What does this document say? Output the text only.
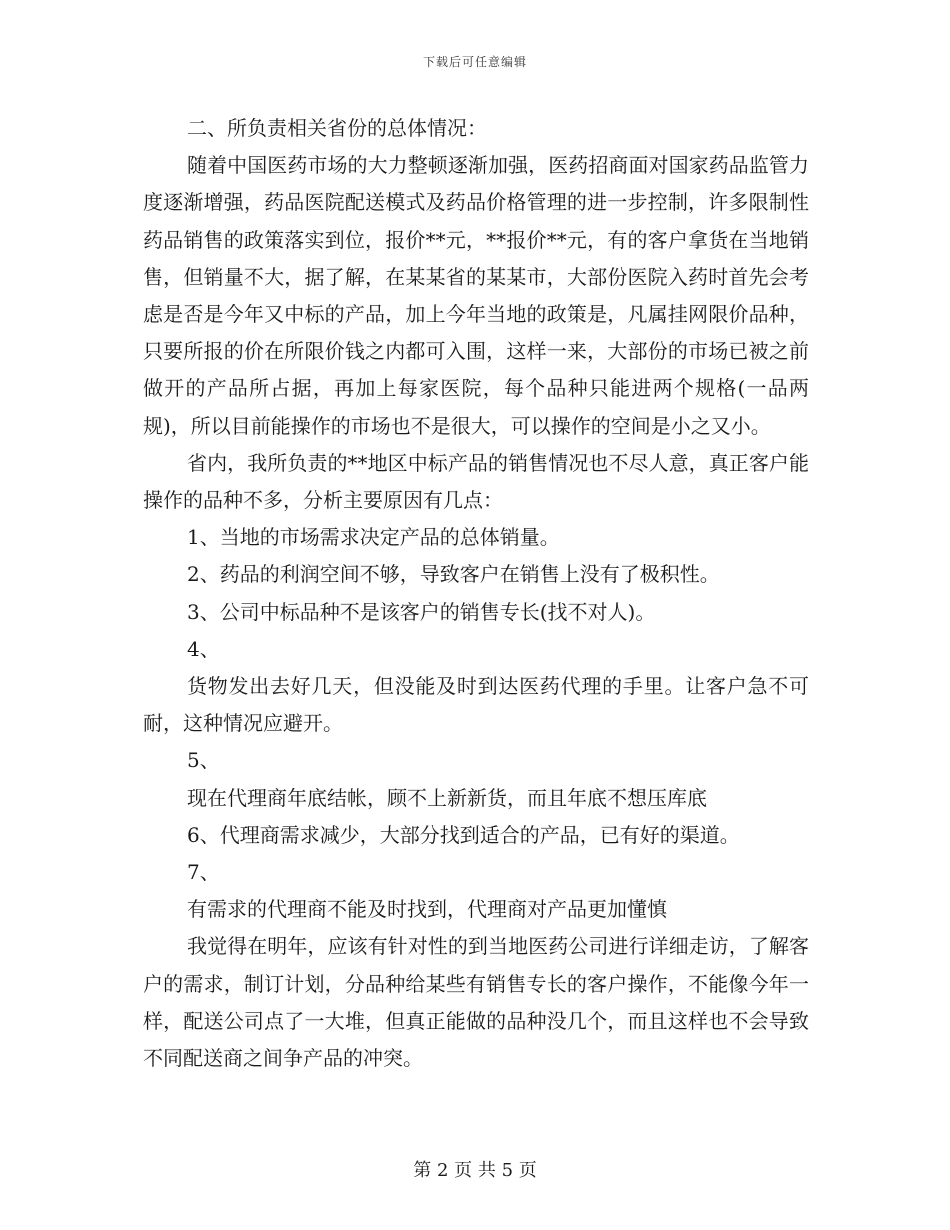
下载后可任意编辑

二、所负责相关省份的总体情况：

随着中国医药市场的大力整顿逐渐加强，医药招商面对国家药品监管力度逐渐增强，药品医院配送模式及药品价格管理的进一步控制，许多限制性药品销售的政策落实到位，报价**元，**报价**元，有的客户拿货在当地销售，但销量不大，据了解，在某某省的某某市，大部份医院入药时首先会考虑是否是今年又中标的产品，加上今年当地的政策是，凡属挂网限价品种，只要所报的价在所限价钱之内都可入围，这样一来，大部份的市场已被之前做开的产品所占据，再加上每家医院，每个品种只能进两个规格(一品两规)，所以目前能操作的市场也不是很大，可以操作的空间是小之又小。

省内，我所负责的**地区中标产品的销售情况也不尽人意，真正客户能操作的品种不多，分析主要原因有几点：

1、当地的市场需求决定产品的总体销量。

2、药品的利润空间不够，导致客户在销售上没有了极积性。

3、公司中标品种不是该客户的销售专长(找不对人)。

4、

货物发出去好几天，但没能及时到达医药代理的手里。让客户急不可耐，这种情况应避开。

5、

现在代理商年底结帐，顾不上新新货，而且年底不想压库底

6、代理商需求减少，大部分找到适合的产品，已有好的渠道。

7、

有需求的代理商不能及时找到，代理商对产品更加懂慎

我觉得在明年，应该有针对性的到当地医药公司进行详细走访，了解客户的需求，制订计划，分品种给某些有销售专长的客户操作，不能像今年一样，配送公司点了一大堆，但真正能做的品种没几个，而且这样也不会导致不同配送商之间争产品的冲突。

第 2 页 共 5 页
